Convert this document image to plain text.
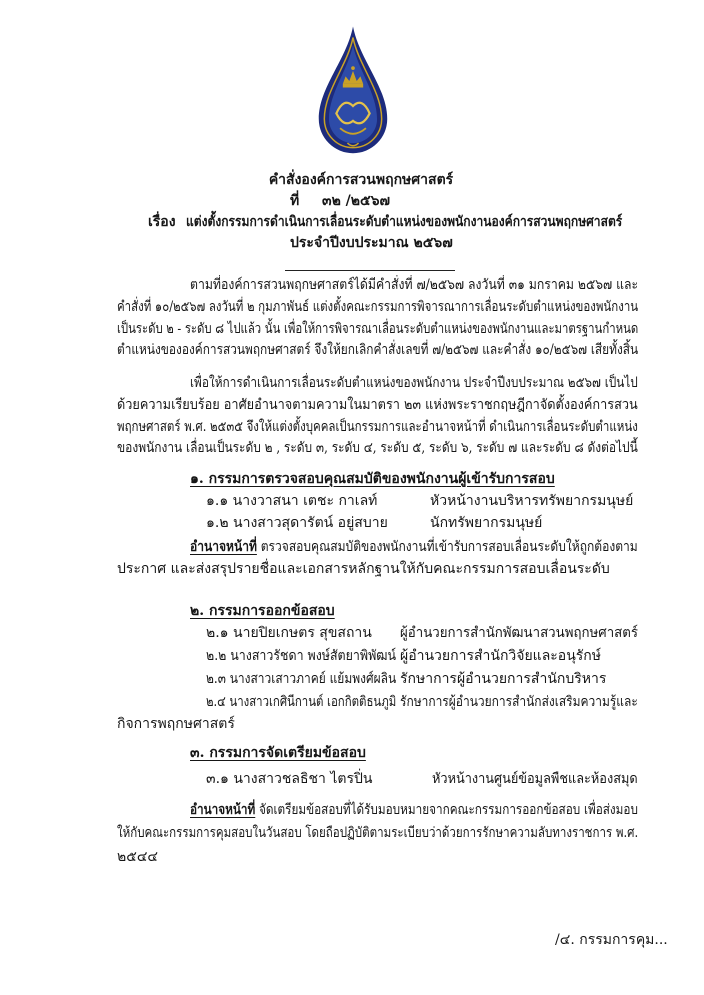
คำสั่งองค์การสวนพฤกษศาสตร์
ที่ ๓๒ /๒๕๖๗
เรื่อง แต่งตั้งกรรมการดำเนินการเลื่อนระดับตำแหน่งของพนักงานองค์การสวนพฤกษศาสตร์
ประจำปีงบประมาณ ๒๕๖๗
ตามที่องค์การสวนพฤกษศาสตร์ได้มีคำสั่งที่ ๗/๒๕๖๗ ลงวันที่ ๓๑ มกราคม ๒๕๖๗ และ
คำสั่งที่ ๑๐/๒๕๖๗ ลงวันที่ ๒ กุมภาพันธ์ แต่งตั้งคณะกรรมการพิจารณาการเลื่อนระดับตำแหน่งของพนักงาน
เป็นระดับ ๒ - ระดับ ๘ ไปแล้ว นั้น เพื่อให้การพิจารณาเลื่อนระดับตำแหน่งของพนักงานและมาตรฐานกำหนด
ตำแหน่งขององค์การสวนพฤกษศาสตร์ จึงให้ยกเลิกคำสั่งเลขที่ ๗/๒๕๖๗ และคำสั่ง ๑๐/๒๕๖๗ เสียทั้งสิ้น
เพื่อให้การดำเนินการเลื่อนระดับตำแหน่งของพนักงาน ประจำปีงบประมาณ ๒๕๖๗ เป็นไป
ด้วยความเรียบร้อย อาศัยอำนาจตามความในมาตรา ๒๓ แห่งพระราชกฤษฎีกาจัดตั้งองค์การสวน
พฤกษศาสตร์ พ.ศ. ๒๕๓๕ จึงให้แต่งตั้งบุคคลเป็นกรรมการและอำนาจหน้าที่ ดำเนินการเลื่อนระดับตำแหน่ง
ของพนักงาน เลื่อนเป็นระดับ ๒ , ระดับ ๓, ระดับ ๔, ระดับ ๕, ระดับ ๖, ระดับ ๗ และระดับ ๘ ดังต่อไปนี้
๑. กรรมการตรวจสอบคุณสมบัติของพนักงานผู้เข้ารับการสอบ
๑.๑ นางวาสนา เตชะ กาเลท์	หัวหน้างานบริหารทรัพยากรมนุษย์
๑.๒ นางสาวสุดารัตน์ อยู่สบาย	นักทรัพยากรมนุษย์
อำนาจหน้าที่ ตรวจสอบคุณสมบัติของพนักงานที่เข้ารับการสอบเลื่อนระดับให้ถูกต้องตาม
ประกาศ และส่งสรุปรายชื่อและเอกสารหลักฐานให้กับคณะกรรมการสอบเลื่อนระดับ
๒. กรรมการออกข้อสอบ
๒.๑ นายปิยเกษตร สุขสถาน	ผู้อำนวยการสำนักพัฒนาสวนพฤกษศาสตร์
๒.๒ นางสาวรัชดา พงษ์สัตยาพิพัฒน์ ผู้อำนวยการสำนักวิจัยและอนุรักษ์
๒.๓ นางสาวเสาวภาคย์ แย้มพงศ์ผลิน รักษาการผู้อำนวยการสำนักบริหาร
๒.๔ นางสาวเกศินีกานต์ เอกกิตติธนภูมิ รักษาการผู้อำนวยการสำนักส่งเสริมความรู้และ
กิจการพฤกษศาสตร์
๓. กรรมการจัดเตรียมข้อสอบ
๓.๑ นางสาวชลธิชา ไตรปิ่น	หัวหน้างานศูนย์ข้อมูลพืชและห้องสมุด
อำนาจหน้าที่ จัดเตรียมข้อสอบที่ได้รับมอบหมายจากคณะกรรมการออกข้อสอบ เพื่อส่งมอบ
ให้กับคณะกรรมการคุมสอบในวันสอบ โดยถือปฏิบัติตามระเบียบว่าด้วยการรักษาความลับทางราชการ พ.ศ.
๒๕๔๔
/๔. กรรมการคุม...
